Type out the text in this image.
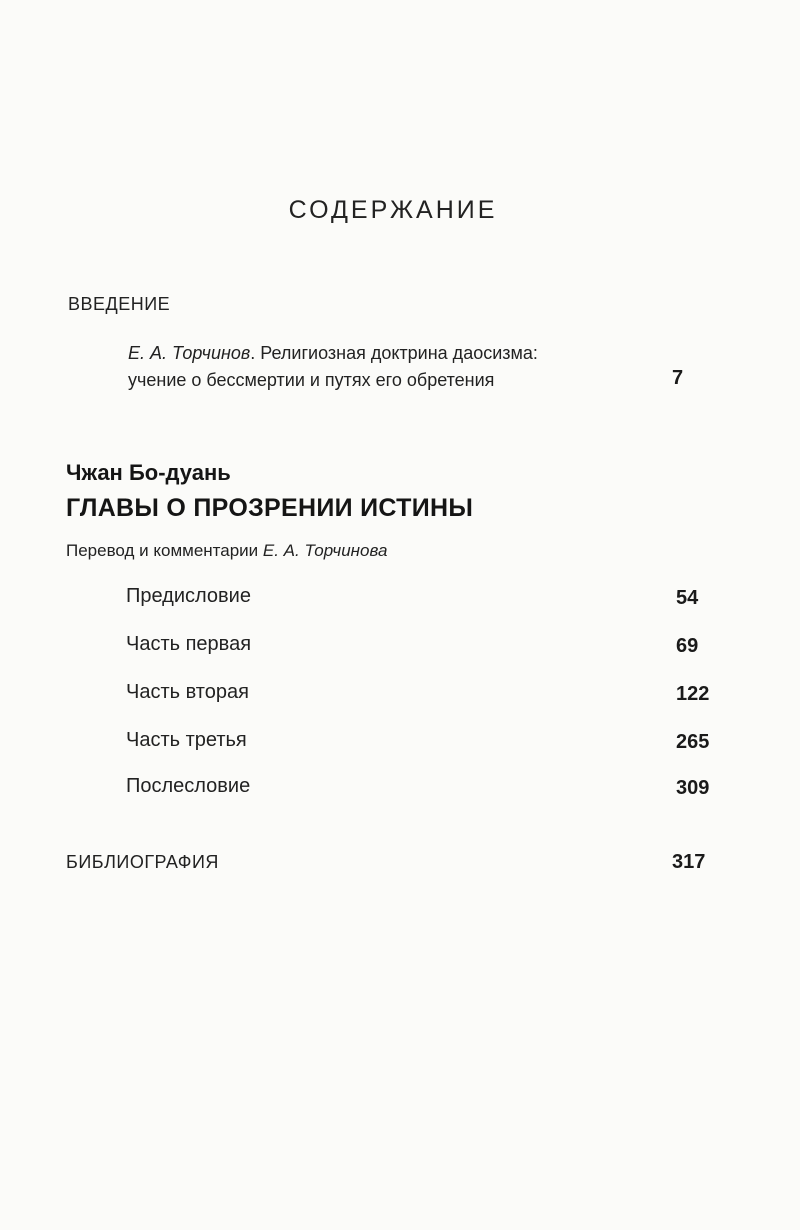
СОДЕРЖАНИЕ
ВВЕДЕНИЕ
Е. А. Торчинов. Религиозная доктрина даосизма:
учение о бессмертии и путях его обретения	7
Чжан Бо-дуань
ГЛАВЫ О ПРОЗРЕНИИ ИСТИНЫ
Перевод и комментарии Е. А. Торчинова
Предисловие	54
Часть первая	69
Часть вторая	122
Часть третья	265
Послесловие	309
БИБЛИОГРАФИЯ	317
